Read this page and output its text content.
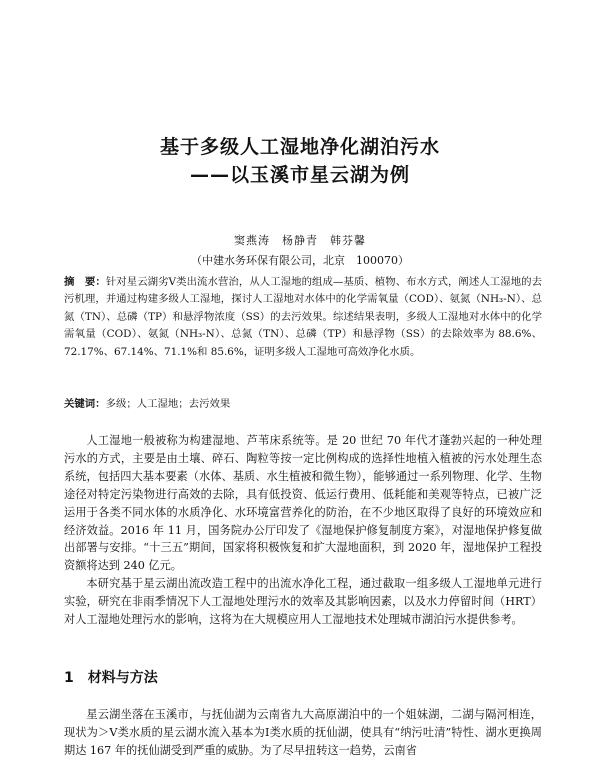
基于多级人工湿地净化湖泊污水
——以玉溪市星云湖为例
窦燕涛　杨静青　韩芬馨
（中建水务环保有限公司，北京　100070）

摘　要：针对星云湖劣Ⅴ类出流水营治，从人工湿地的组成—基质、植物、布水方式，阐述人工湿地的去污机理，并通过构建多级人工湿地，探讨人工湿地对水体中的化学需氧量（COD）、氨氮（NH₃-N）、总氮（TN）、总磷（TP）和悬浮物浓度（SS）的去污效果。综述结果表明，多级人工湿地对水体中的化学需氧量（COD）、氨氮（NH₃-N）、总氮（TN）、总磷（TP）和悬浮物（SS）的去除效率为 88.6%、72.17%、67.14%、71.1%和 85.6%，证明多级人工湿地可高效净化水质。

关键词：多级；人工湿地；去污效果

人工湿地一般被称为构建湿地、芦苇床系统等。是 20 世纪 70 年代才蓬勃兴起的一种处理污水的方式，主要是由土壤、碎石、陶粒等按一定比例构成的选择性地植入植被的污水处理生态系统，包括四大基本要素（水体、基质、水生植被和微生物），能够通过一系列物理、化学、生物途径对特定污染物进行高效的去除，具有低投资、低运行费用、低耗能和美观等特点，已被广泛运用于各类不同水体的水质净化、水环境富营养化的防治，在不少地区取得了良好的环境效应和经济效益。2016 年 11 月，国务院办公厅印发了《湿地保护修复制度方案》，对湿地保护修复做出部署与安排。“十三五”期间，国家将积极恢复和扩大湿地面积，到 2020 年，湿地保护工程投资额将达到 240 亿元。

本研究基于星云湖出流改造工程中的出流水净化工程，通过截取一组多级人工湿地单元进行实验，研究在非雨季情况下人工湿地处理污水的效率及其影响因素，以及水力停留时间（HRT）对人工湿地处理污水的影响，这将为在大规模应用人工湿地技术处理城市湖泊污水提供参考。

1 材料与方法

星云湖坐落在玉溪市，与抚仙湖为云南省九大高原湖泊中的一个姐妹湖，二湖与隔河相连，现状为＞Ⅴ类水质的星云湖水流入基本为Ⅰ类水质的抚仙湖，使具有“纳污吐清”特性、湖水更换周期达 167 年的抚仙湖受到严重的威胁。为了尽早扭转这一趋势，云南省
